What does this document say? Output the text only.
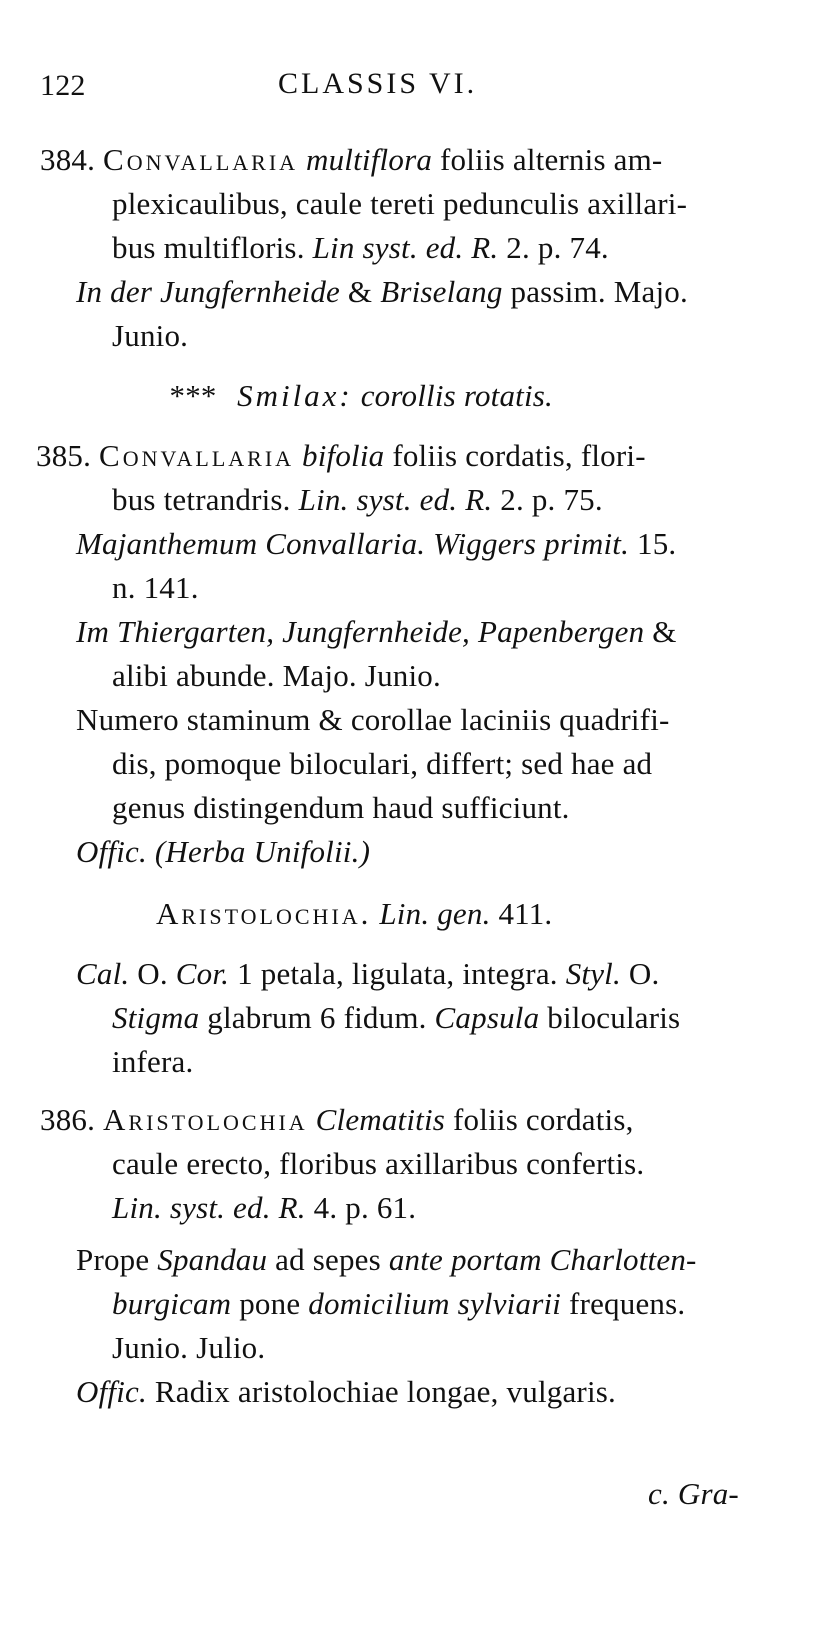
122	CLASSIS VI.
384. Convallaria multiflora foliis alternis am-
plexicaulibus, caule tereti pedunculis axillari-
bus multifloris. Lin syst. ed. R. 2. p. 74.
In der Jungfernheide & Briselang passim. Majo.
Junio.
*** Smilax: corollis rotatis.
385. Convallaria bifolia foliis cordatis, flori-
bus tetrandris. Lin. syst. ed. R. 2. p. 75.
Majanthemum Convallaria. Wiggers primit. 15.
n. 141.
Im Thiergarten, Jungfernheide, Papenbergen &
alibi abunde. Majo. Junio.
Numero staminum & corollae laciniis quadrifi-
dis, pomoque biloculari, differt; sed hae ad
genus distingendum haud sufficiunt.
Offic. (Herba Unifolii.)
Aristolochia. Lin. gen. 411.
Cal. O. Cor. 1 petala, ligulata, integra. Styl. O.
Stigma glabrum 6 fidum. Capsula bilocularis
infera.
386. Aristolochia Clematitis foliis cordatis,
caule erecto, floribus axillaribus confertis.
Lin. syst. ed. R. 4. p. 61.
Prope Spandau ad sepes ante portam Charlotten-
burgicam pone domicilium sylviarii frequens.
Junio. Julio.
Offic. Radix aristolochiae longae, vulgaris.
c. Gra-
